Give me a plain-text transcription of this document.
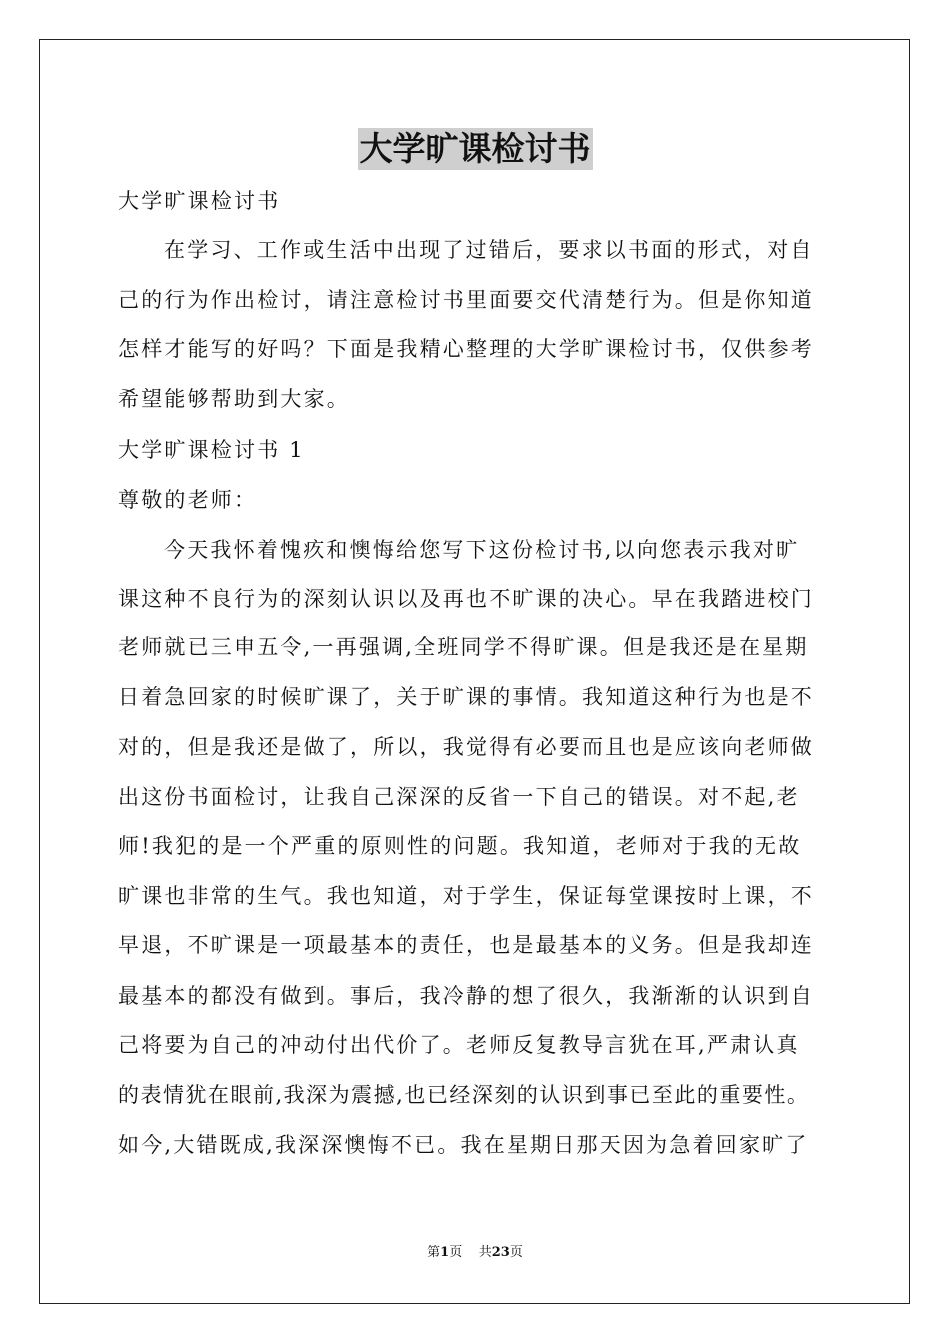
大学旷课检讨书
大学旷课检讨书
在学习、工作或生活中出现了过错后，要求以书面的形式，对自
己的行为作出检讨，请注意检讨书里面要交代清楚行为。但是你知道
怎样才能写的好吗？下面是我精心整理的大学旷课检讨书，仅供参考
希望能够帮助到大家。
大学旷课检讨书 1
尊敬的老师：
今天我怀着愧疚和懊悔给您写下这份检讨书,以向您表示我对旷
课这种不良行为的深刻认识以及再也不旷课的决心。早在我踏进校门
老师就已三申五令,一再强调,全班同学不得旷课。但是我还是在星期
日着急回家的时候旷课了，关于旷课的事情。我知道这种行为也是不
对的，但是我还是做了，所以，我觉得有必要而且也是应该向老师做
出这份书面检讨，让我自己深深的反省一下自己的错误。对不起,老
师!我犯的是一个严重的原则性的问题。我知道，老师对于我的无故
旷课也非常的生气。我也知道，对于学生，保证每堂课按时上课，不
早退，不旷课是一项最基本的责任，也是最基本的义务。但是我却连
最基本的都没有做到。事后，我冷静的想了很久，我渐渐的认识到自
己将要为自己的冲动付出代价了。老师反复教导言犹在耳,严肃认真
的表情犹在眼前,我深为震撼,也已经深刻的认识到事已至此的重要性。
如今,大错既成,我深深懊悔不已。我在星期日那天因为急着回家旷了
第1页 共23页
